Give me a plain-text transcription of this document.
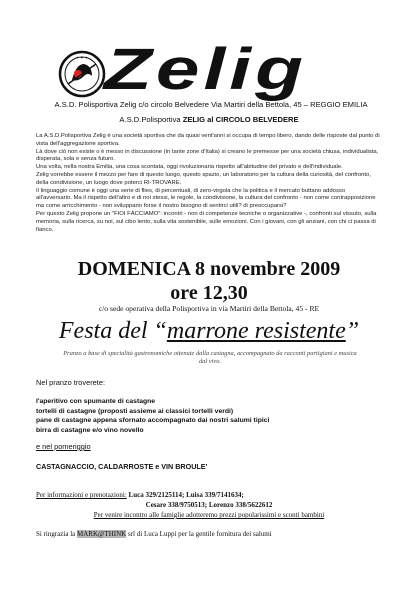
✦ ✦ ✦ Zelig
A.S.D. Polisportiva Zelig c/o circolo Belvedere Via Martiri della Bettola, 45 – REGGIO EMILIA
A.S.D.Polisportiva ZELIG al CIRCOLO BELVEDERE

La A.S.D.Polisportiva Zelig è una società sportiva che da quasi vent'anni si occupa di tempo libero, dando delle risposte dal punto di vista dell'aggregazione sportiva.

Là dove ciò non esiste o è messo in discussione (in tante zone d'Italia) si creano le premesse per una società chiusa, individualista, disperata, sola e senza futuro.

Una volta, nella nostra Emilia, una cosa scontata, oggi rivoluzionaria rispetto all'abitudine del privato e dell'individuale.

Zelig vorrebbe essere il mezzo per fare di questo luogo, questo spazio, un laboratorio per la cultura della curiosità, del confronto, della condivisione, un luogo dove poterci RI-TROVARE.

Il linguaggio comune è oggi una serie di flies, di percentuali, di zero-virgola che la politica e il mercato buttano addosso all'avversario. Ma il rispetto dell'altro e di noi stessi, le regole, la condivisione, la cultura del confronto - non come contrapposizione ma come arricchimento - non sviluppano forse il nostro bisogno di sentirci utili? di preoccuparsi?

Per questo Zelig propone un "FIOI FÀCCIAMO": incontri - non di competenze tecniche o organizzative -, confronti sul vissuto, sulla memoria, sulla ricerca, su noi, sul cibo lento, sulla vita sostenibile, sulle emozioni. Con i giovani, con gli anziani, con chi ci passa di fianco.

DOMENICA 8 novembre 2009
ore 12,30
c/o sede operativa della Polisportiva in via Martiri della Bettola, 45 - RE
Festa del “marrone resistente”
Pranzo a base di specialità gastronomiche ottenute dalla castagna, accompagnato da racconti partigiani e musica dal vivo.
Nel pranzo troverete:
l'aperitivo con spumante di castagne
tortelli di castagne (proposti assieme ai classici tortelli verdi)
pane di castagne appena sfornato accompagnato dai nostri salumi tipici
birra di castagne e/o vino novello
e nel pomeriggio
CASTAGNACCIO, CALDARROSTE e VIN BROULE'
Per informazioni e prenotazioni: Luca 329/2125114; Luisa 339/7141634;
Cesare 338/9750513; Lorenzo 338/5622612
Per venire incontro alle famiglie adotteremo prezzi popolarissimi e sconti bambini
Si ringrazia la MARK@THINK srl di Luca Luppi per la gentile fornitura dei salumi
